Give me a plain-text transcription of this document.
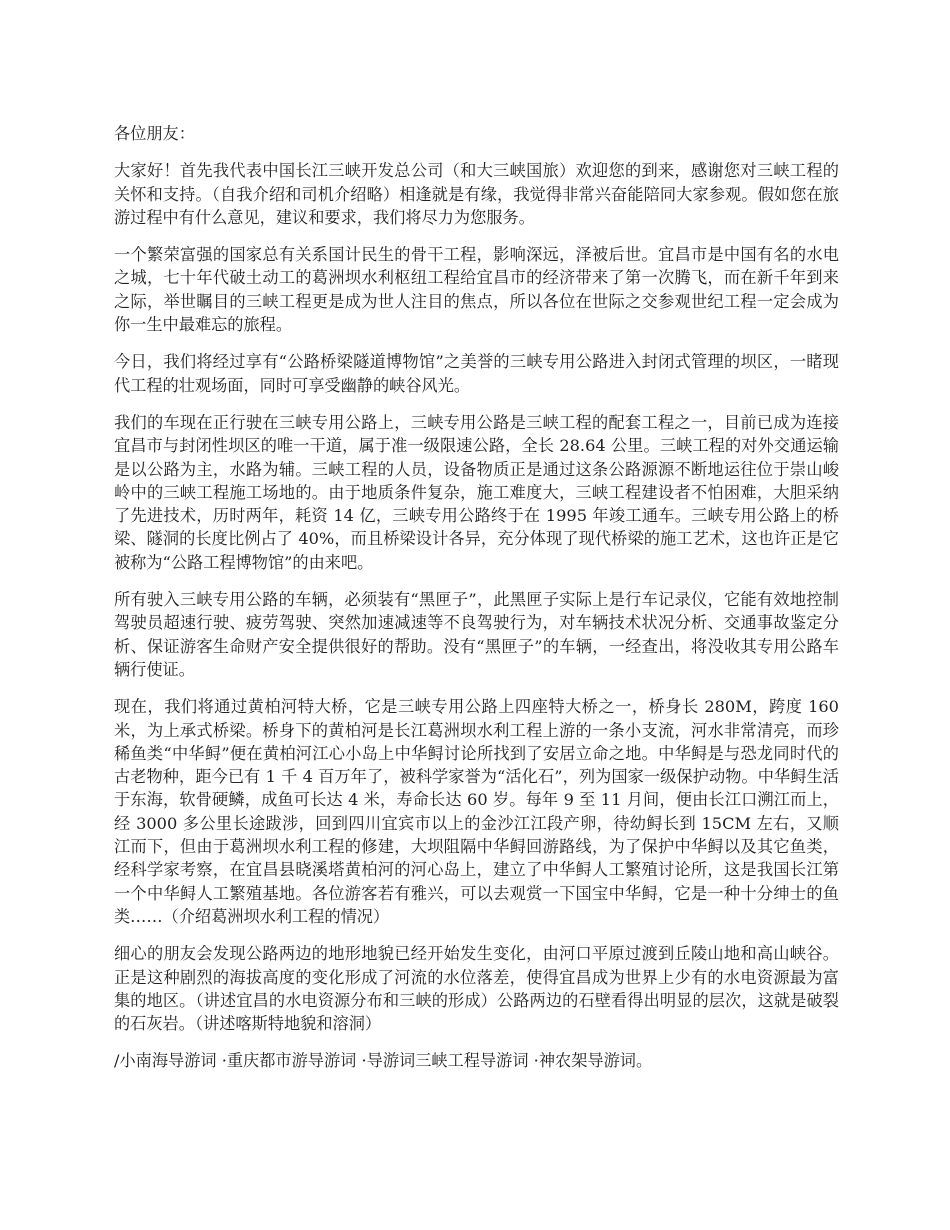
各位朋友：

大家好！首先我代表中国长江三峡开发总公司（和大三峡国旅）欢迎您的到来，感谢您对三峡工程的关怀和支持。（自我介绍和司机介绍略）相逢就是有缘，我觉得非常兴奋能陪同大家参观。假如您在旅游过程中有什么意见，建议和要求，我们将尽力为您服务。

一个繁荣富强的国家总有关系国计民生的骨干工程，影响深远，泽被后世。宜昌市是中国有名的水电之城，七十年代破土动工的葛洲坝水利枢纽工程给宜昌市的经济带来了第一次腾飞，而在新千年到来之际，举世瞩目的三峡工程更是成为世人注目的焦点，所以各位在世际之交参观世纪工程一定会成为你一生中最难忘的旅程。

今日，我们将经过享有“公路桥梁隧道博物馆”之美誉的三峡专用公路进入封闭式管理的坝区，一睹现代工程的壮观场面，同时可享受幽静的峡谷风光。

我们的车现在正行驶在三峡专用公路上，三峡专用公路是三峡工程的配套工程之一，目前已成为连接宜昌市与封闭性坝区的唯一干道，属于准一级限速公路，全长 28.64 公里。三峡工程的对外交通运输是以公路为主，水路为辅。三峡工程的人员，设备物质正是通过这条公路源源不断地运往位于崇山峻岭中的三峡工程施工场地的。由于地质条件复杂，施工难度大，三峡工程建设者不怕困难，大胆采纳了先进技术，历时两年，耗资 14 亿，三峡专用公路终于在 1995 年竣工通车。三峡专用公路上的桥梁、隧洞的长度比例占了 40%，而且桥梁设计各异，充分体现了现代桥梁的施工艺术，这也许正是它被称为“公路工程博物馆”的由来吧。

所有驶入三峡专用公路的车辆，必须装有“黑匣子”，此黑匣子实际上是行车记录仪，它能有效地控制驾驶员超速行驶、疲劳驾驶、突然加速减速等不良驾驶行为，对车辆技术状况分析、交通事故鉴定分析、保证游客生命财产安全提供很好的帮助。没有“黑匣子”的车辆，一经查出，将没收其专用公路车辆行使证。

现在，我们将通过黄柏河特大桥，它是三峡专用公路上四座特大桥之一，桥身长 280M，跨度 160 米，为上承式桥梁。桥身下的黄柏河是长江葛洲坝水利工程上游的一条小支流，河水非常清亮，而珍稀鱼类“中华鲟”便在黄柏河江心小岛上中华鲟讨论所找到了安居立命之地。中华鲟是与恐龙同时代的古老物种，距今已有 1 千 4 百万年了，被科学家誉为“活化石”，列为国家一级保护动物。中华鲟生活于东海，软骨硬鳞，成鱼可长达 4 米，寿命长达 60 岁。每年 9 至 11 月间，便由长江口溯江而上，经 3000 多公里长途跋涉，回到四川宜宾市以上的金沙江江段产卵，待幼鲟长到 15CM 左右，又顺江而下，但由于葛洲坝水利工程的修建，大坝阻隔中华鲟回游路线，为了保护中华鲟以及其它鱼类，经科学家考察，在宜昌县晓溪塔黄柏河的河心岛上，建立了中华鲟人工繁殖讨论所，这是我国长江第一个中华鲟人工繁殖基地。各位游客若有雅兴，可以去观赏一下国宝中华鲟，它是一种十分绅士的鱼类……（介绍葛洲坝水利工程的情况）

细心的朋友会发现公路两边的地形地貌已经开始发生变化，由河口平原过渡到丘陵山地和高山峡谷。正是这种剧烈的海拔高度的变化形成了河流的水位落差，使得宜昌成为世界上少有的水电资源最为富集的地区。（讲述宜昌的水电资源分布和三峡的形成）公路两边的石壁看得出明显的层次，这就是破裂的石灰岩。（讲述喀斯特地貌和溶洞）

/小南海导游词 ·重庆都市游导游词 ·导游词三峡工程导游词 ·神农架导游词。
